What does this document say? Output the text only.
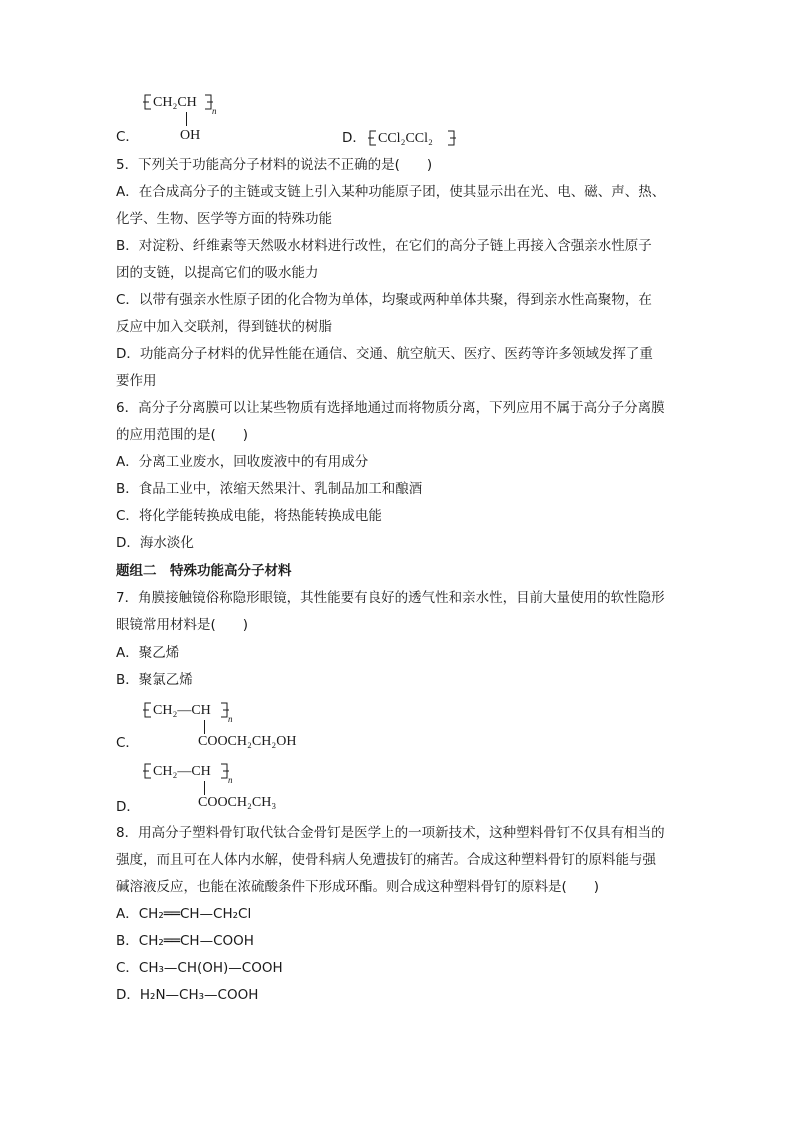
CH₂CH
n
C．	OH	D． CCl₂CCl₂
5．下列关于功能高分子材料的说法不正确的是(　　)
A．在合成高分子的主链或支链上引入某种功能原子团，使其显示出在光、电、磁、声、热、
化学、生物、医学等方面的特殊功能
B．对淀粉、纤维素等天然吸水材料进行改性，在它们的高分子链上再接入含强亲水性原子
团的支链，以提高它们的吸水能力
C．以带有强亲水性原子团的化合物为单体，均聚或两种单体共聚，得到亲水性高聚物，在
反应中加入交联剂，得到链状的树脂
D．功能高分子材料的优异性能在通信、交通、航空航天、医疗、医药等许多领域发挥了重
要作用
6．高分子分离膜可以让某些物质有选择地通过而将物质分离，下列应用不属于高分子分离膜
的应用范围的是(　　)
A．分离工业废水，回收废液中的有用成分
B．食品工业中，浓缩天然果汁、乳制品加工和酿酒
C．将化学能转换成电能，将热能转换成电能
D．海水淡化
题组二　特殊功能高分子材料
7．角膜接触镜俗称隐形眼镜，其性能要有良好的透气性和亲水性，目前大量使用的软性隐形
眼镜常用材料是(　　)
A．聚乙烯
B．聚氯乙烯
CH₂—CH
n
C．	COOCH₂CH₂OH
CH₂—CH
n
D．	COOCH₂CH₃
8．用高分子塑料骨钉取代钛合金骨钉是医学上的一项新技术，这种塑料骨钉不仅具有相当的
强度，而且可在人体内水解，使骨科病人免遭拔钉的痛苦。合成这种塑料骨钉的原料能与强
碱溶液反应，也能在浓硫酸条件下形成环酯。则合成这种塑料骨钉的原料是(　　)
A．CH₂══CH—CH₂Cl
B．CH₂══CH—COOH
C．CH₃—CH(OH)—COOH
D．H₂N—CH₃—COOH
